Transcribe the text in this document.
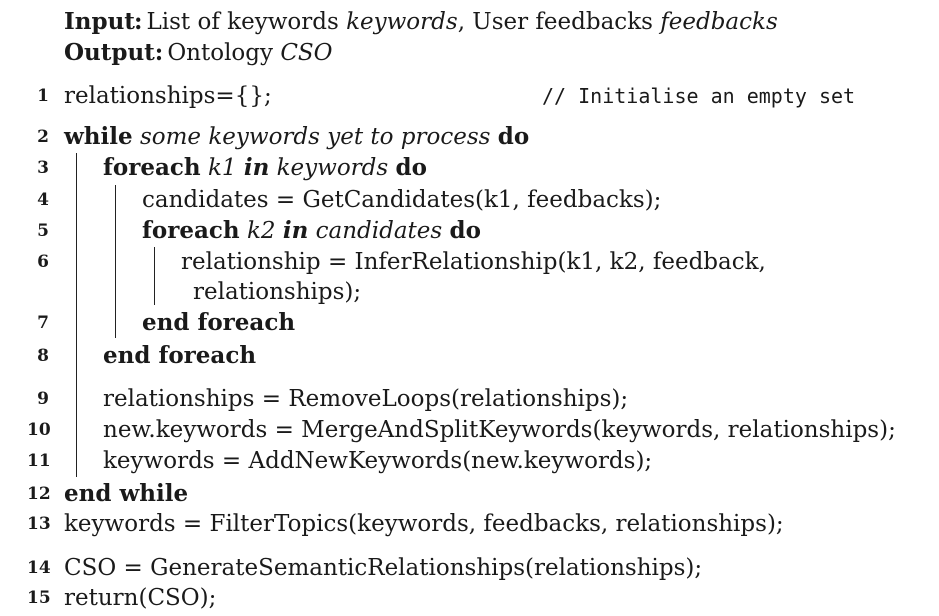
Input: List of keywords keywords, User feedbacks feedbacks
Output: Ontology CSO
1 relationships={};	// Initialise an empty set
2 while some keywords yet to process do
3 foreach k1 in keywords do
4	candidates = GetCandidates(k1, feedbacks);
5	foreach k2 in candidates do
6	relationship = InferRelationship(k1, k2, feedback,
relationships);
7	end foreach
8 end foreach
9 relationships = RemoveLoops(relationships);
10 new.keywords = MergeAndSplitKeywords(keywords, relationships);
11 keywords = AddNewKeywords(new.keywords);
12 end while
13 keywords = FilterTopics(keywords, feedbacks, relationships);
14 CSO = GenerateSemanticRelationships(relationships);
15 return(CSO);
